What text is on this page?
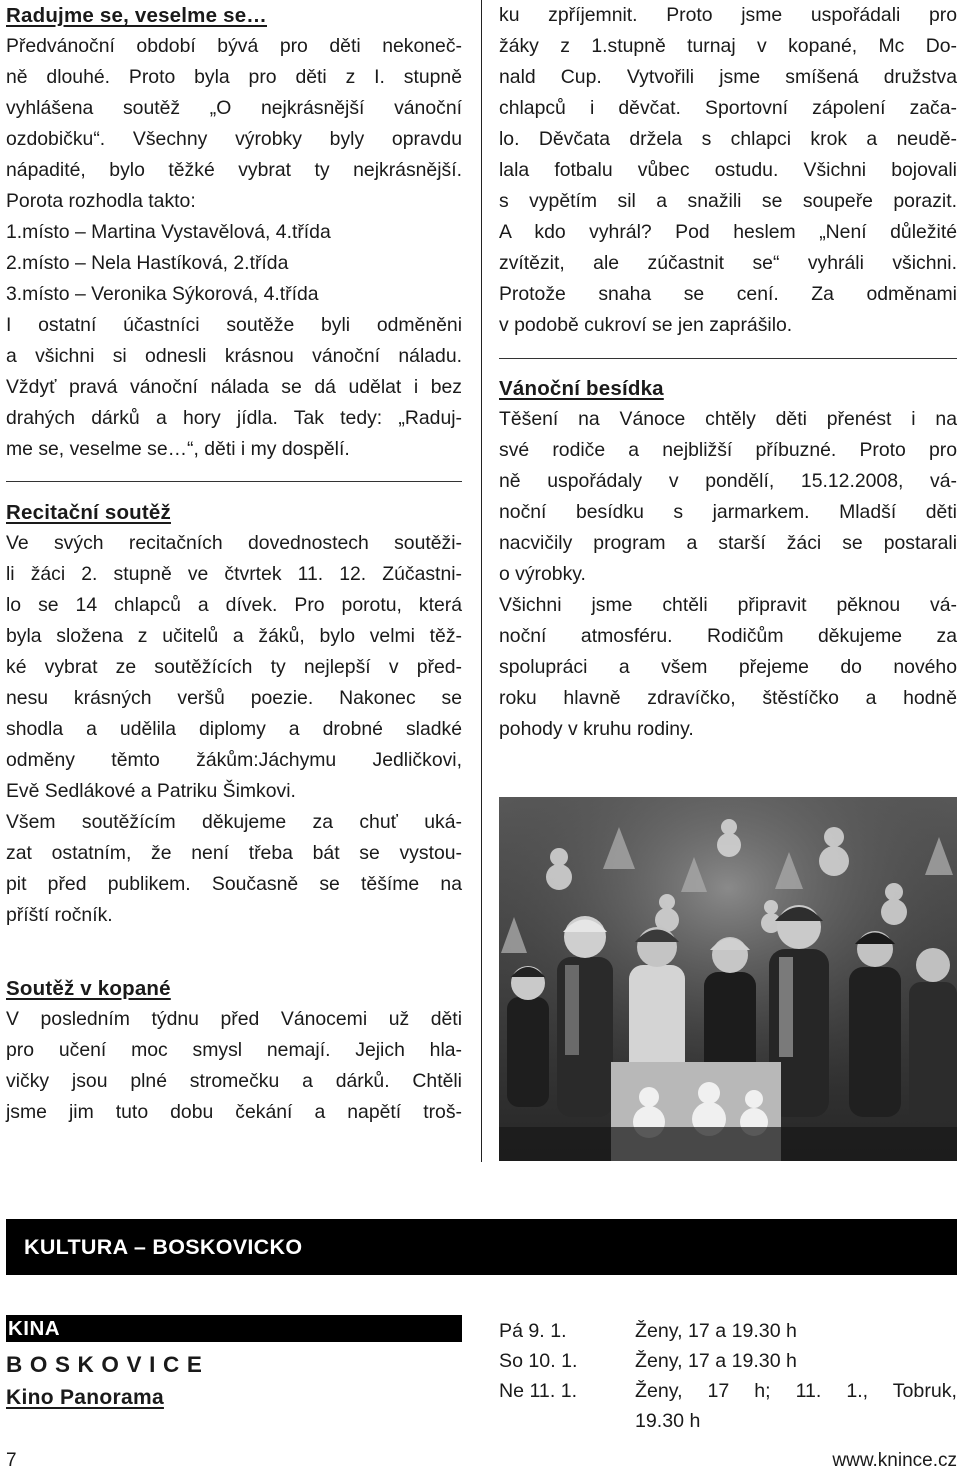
Radujme se, veselme se…

Předvánoční období bývá pro děti nekoneč-
ně dlouhé. Proto byla pro děti z I. stupně
vyhlášena soutěž „O nejkrásnější vánoční
ozdobičku“. Všechny výrobky byly opravdu
nápadité, bylo těžké vybrat ty nejkrásnější.
Porota rozhodla takto:
1.místo – Martina Vystavělová, 4.třída
2.místo – Nela Hastíková, 2.třída
3.místo – Veronika Sýkorová, 4.třída
I ostatní účastníci soutěže byli odměněni
a všichni si odnesli krásnou vánoční náladu.
Vždyť pravá vánoční nálada se dá udělat i bez
drahých dárků a hory jídla. Tak tedy: „Raduj-
me se, veselme se…“, děti i my dospělí.

Recitační soutěž

Ve svých recitačních dovednostech soutěži-
li žáci 2. stupně ve čtvrtek 11. 12. Zúčastni-
lo se 14 chlapců a dívek. Pro porotu, která
byla složena z učitelů a žáků, bylo velmi těž-
ké vybrat ze soutěžících ty nejlepší v před-
nesu krásných veršů poezie. Nakonec se
shodla a udělila diplomy a drobné sladké
odměny těmto žákům:Jáchymu Jedličkovi,
Evě Sedlákové a Patriku Šimkovi.
Všem soutěžícím děkujeme za chuť uká-
zat ostatním, že není třeba bát se vystou-
pit před publikem. Současně se těšíme na
příští ročník.

Soutěž v kopané

V posledním týdnu před Vánocemi už děti
pro učení moc smysl nemají. Jejich hla-
vičky jsou plné stromečku a dárků. Chtěli
jsme jim tuto dobu čekání a napětí troš-

ku zpříjemnit. Proto jsme uspořádali pro
žáky z 1.stupně turnaj v kopané, Mc Do-
nald Cup. Vytvořili jsme smíšená družstva
chlapců i děvčat. Sportovní zápolení zača-
lo. Děvčata držela s chlapci krok a neudě-
lala fotbalu vůbec ostudu. Všichni bojovali
s vypětím sil a snažili se soupeře porazit.
A kdo vyhrál? Pod heslem „Není důležité
zvítězit, ale zúčastnit se“ vyhráli všichni.
Protože snaha se cení. Za odměnami
v podobě cukroví se jen zaprášilo.

Vánoční besídka

Těšení na Vánoce chtěly děti přenést i na
své rodiče a nejbližší příbuzné. Proto pro
ně uspořádaly v pondělí, 15.12.2008, vá-
noční besídku s jarmarkem. Mladší děti
nacvičily program a starší žáci se postarali
o výrobky.
Všichni jsme chtěli připravit pěknou vá-
noční atmosféru. Rodičům děkujeme za
spolupráci a všem přejeme do nového
roku hlavně zdravíčko, štěstíčko a hodně
pohody v kruhu rodiny.

KULTURA – BOSKOVICKO
KINA
BOSKOVICE
Kino Panorama
Pá 9. 1.	Ženy, 17 a 19.30 h
So 10. 1.	Ženy, 17 a 19.30 h
Ne 11. 1.	Ženy, 17 h; 11. 1., Tobruk,
19.30 h
7	www.knince.cz
